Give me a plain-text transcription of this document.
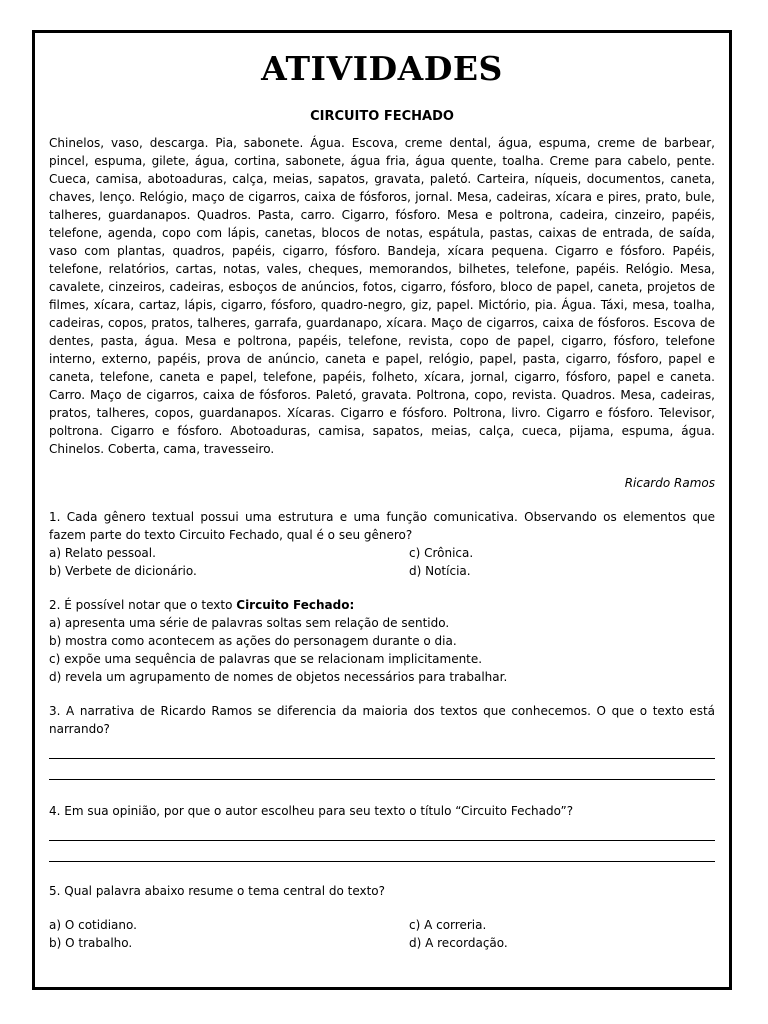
ATIVIDADES
CIRCUITO FECHADO

Chinelos, vaso, descarga. Pia, sabonete. Água. Escova, creme dental, água, espuma, creme de barbear, pincel, espuma, gilete, água, cortina, sabonete, água fria, água quente, toalha. Creme para cabelo, pente. Cueca, camisa, abotoaduras, calça, meias, sapatos, gravata, paletó. Carteira, níqueis, documentos, caneta, chaves, lenço. Relógio, maço de cigarros, caixa de fósforos, jornal. Mesa, cadeiras, xícara e pires, prato, bule, talheres, guardanapos. Quadros. Pasta, carro. Cigarro, fósforo. Mesa e poltrona, cadeira, cinzeiro, papéis, telefone, agenda, copo com lápis, canetas, blocos de notas, espátula, pastas, caixas de entrada, de saída, vaso com plantas, quadros, papéis, cigarro, fósforo. Bandeja, xícara pequena. Cigarro e fósforo. Papéis, telefone, relatórios, cartas, notas, vales, cheques, memorandos, bilhetes, telefone, papéis. Relógio. Mesa, cavalete, cinzeiros, cadeiras, esboços de anúncios, fotos, cigarro, fósforo, bloco de papel, caneta, projetos de filmes, xícara, cartaz, lápis, cigarro, fósforo, quadro-negro, giz, papel. Mictório, pia. Água. Táxi, mesa, toalha, cadeiras, copos, pratos, talheres, garrafa, guardanapo, xícara. Maço de cigarros, caixa de fósforos. Escova de dentes, pasta, água. Mesa e poltrona, papéis, telefone, revista, copo de papel, cigarro, fósforo, telefone interno, externo, papéis, prova de anúncio, caneta e papel, relógio, papel, pasta, cigarro, fósforo, papel e caneta, telefone, caneta e papel, telefone, papéis, folheto, xícara, jornal, cigarro, fósforo, papel e caneta. Carro. Maço de cigarros, caixa de fósforos. Paletó, gravata. Poltrona, copo, revista. Quadros. Mesa, cadeiras, pratos, talheres, copos, guardanapos. Xícaras. Cigarro e fósforo. Poltrona, livro. Cigarro e fósforo. Televisor, poltrona. Cigarro e fósforo. Abotoaduras, camisa, sapatos, meias, calça, cueca, pijama, espuma, água. Chinelos. Coberta, cama, travesseiro.

Ricardo Ramos

1. Cada gênero textual possui uma estrutura e uma função comunicativa. Observando os elementos que fazem parte do texto Circuito Fechado, qual é o seu gênero?

a) Relato pessoal.	c) Crônica.

b) Verbete de dicionário.	d) Notícia.

2. É possível notar que o texto Circuito Fechado:

a) apresenta uma série de palavras soltas sem relação de sentido.

b) mostra como acontecem as ações do personagem durante o dia.

c) expõe uma sequência de palavras que se relacionam implicitamente.

d) revela um agrupamento de nomes de objetos necessários para trabalhar.

3. A narrativa de Ricardo Ramos se diferencia da maioria dos textos que conhecemos. O que o texto está narrando?

4. Em sua opinião, por que o autor escolheu para seu texto o título “Circuito Fechado”?

5. Qual palavra abaixo resume o tema central do texto?

a) O cotidiano.	c) A correria.

b) O trabalho.	d) A recordação.
